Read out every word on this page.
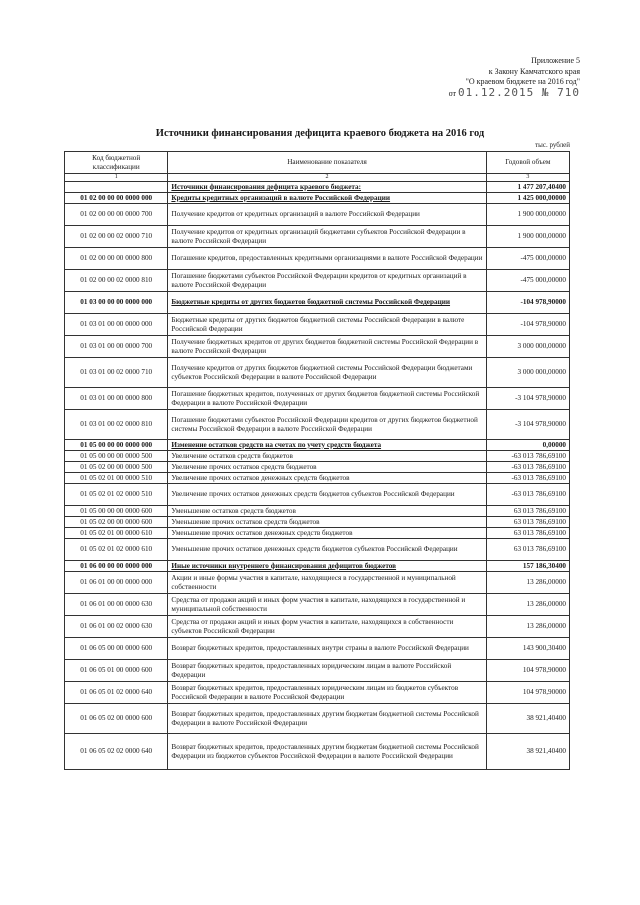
Приложение 5
к Закону Камчатского края
"О краевом бюджете на 2016 год"
от 01.12.2015 № 710
Источники финансирования дефицита краевого бюджета на 2016 год
тыс. рублей
Код бюджетной классификации	Наименование показателя	Годовой объем
1	2	3
	Источники финансирования дефицита краевого бюджета:	1 477 207,40400
01 02 00 00 00 0000 000	Кредиты кредитных организаций в валюте Российской Федерации	1 425 000,00000
01 02 00 00 00 0000 700	Получение кредитов от кредитных организаций в валюте Российской Федерации	1 900 000,00000
01 02 00 00 02 0000 710	Получение кредитов от кредитных организаций бюджетами субъектов Российской Федерации в валюте Российской Федерации	1 900 000,00000
01 02 00 00 00 0000 800	Погашение кредитов, предоставленных кредитными организациями в валюте Российской Федерации	-475 000,00000
01 02 00 00 02 0000 810	Погашение бюджетами субъектов Российской Федерации кредитов от кредитных организаций в валюте Российской Федерации	-475 000,00000
01 03 00 00 00 0000 000	Бюджетные кредиты от других бюджетов бюджетной системы Российской Федерации	-104 978,90000
01 03 01 00 00 0000 000	Бюджетные кредиты от других бюджетов бюджетной системы Российской Федерации в валюте Российской Федерации	-104 978,90000
01 03 01 00 00 0000 700	Получение бюджетных кредитов от других бюджетов бюджетной системы Российской Федерации в валюте Российской Федерации	3 000 000,00000
01 03 01 00 02 0000 710	Получение кредитов от других бюджетов бюджетной системы Российской Федерации бюджетами субъектов Российской Федерации в валюте Российской Федерации	3 000 000,00000
01 03 01 00 00 0000 800	Погашение бюджетных кредитов, полученных от других бюджетов бюджетной системы Российской Федерации в валюте Российской Федерации	-3 104 978,90000
01 03 01 00 02 0000 810	Погашение бюджетами субъектов Российской Федерации кредитов от других бюджетов бюджетной системы Российской Федерации в валюте Российской Федерации	-3 104 978,90000
01 05 00 00 00 0000 000	Изменение остатков средств на счетах по учету средств бюджета	0,00000
01 05 00 00 00 0000 500	Увеличение остатков средств бюджетов	-63 013 786,69100
01 05 02 00 00 0000 500	Увеличение прочих остатков средств бюджетов	-63 013 786,69100
01 05 02 01 00 0000 510	Увеличение прочих остатков денежных средств бюджетов	-63 013 786,69100
01 05 02 01 02 0000 510	Увеличение прочих остатков денежных средств бюджетов субъектов Российской Федерации	-63 013 786,69100
01 05 00 00 00 0000 600	Уменьшение остатков средств бюджетов	63 013 786,69100
01 05 02 00 00 0000 600	Уменьшение прочих остатков средств бюджетов	63 013 786,69100
01 05 02 01 00 0000 610	Уменьшение прочих остатков денежных средств бюджетов	63 013 786,69100
01 05 02 01 02 0000 610	Уменьшение прочих остатков денежных средств бюджетов субъектов Российской Федерации	63 013 786,69100
01 06 00 00 00 0000 000	Иные источники внутреннего финансирования дефицитов бюджетов	157 186,30400
01 06 01 00 00 0000 000	Акции и иные формы участия в капитале, находящиеся в государственной и муниципальной собственности	13 286,00000
01 06 01 00 00 0000 630	Средства от продажи акций и иных форм участия в капитале, находящихся в государственной и муниципальной собственности	13 286,00000
01 06 01 00 02 0000 630	Средства от продажи акций и иных форм участия в капитале, находящихся в собственности субъектов Российской Федерации	13 286,00000
01 06 05 00 00 0000 600	Возврат бюджетных кредитов, предоставленных внутри страны в валюте Российской Федерации	143 900,30400
01 06 05 01 00 0000 600	Возврат бюджетных кредитов, предоставленных юридическим лицам в валюте Российской Федерации	104 978,90000
01 06 05 01 02 0000 640	Возврат бюджетных кредитов, предоставленных юридическим лицам из бюджетов субъектов Российской Федерации в валюте Российской Федерации	104 978,90000
01 06 05 02 00 0000 600	Возврат бюджетных кредитов, предоставленных другим бюджетам бюджетной системы Российской Федерации в валюте Российской Федерации	38 921,40400
01 06 05 02 02 0000 640	Возврат бюджетных кредитов, предоставленных другим бюджетам бюджетной системы Российской Федерации из бюджетов субъектов Российской Федерации в валюте Российской Федерации	38 921,40400
